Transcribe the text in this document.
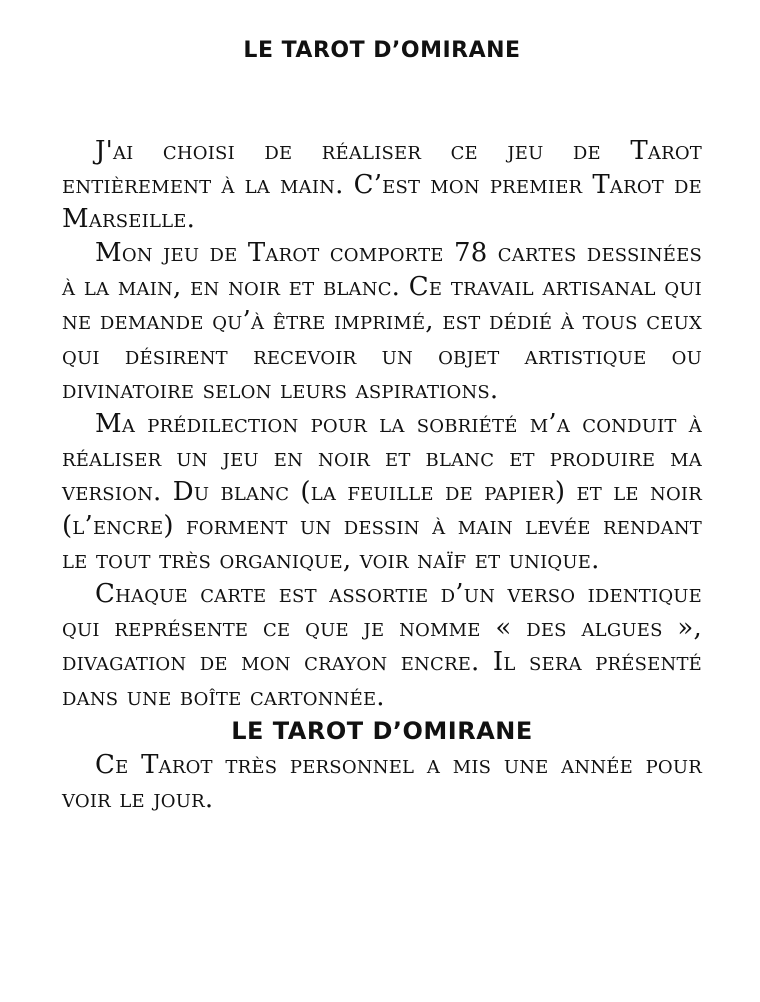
LE TAROT D’OMIRANE

J'ai choisi de réaliser ce jeu de Tarot entièrement à la main. C’est mon premier Tarot de Marseille.

Mon jeu de Tarot comporte 78 cartes dessinées à la main, en noir et blanc. Ce travail artisanal qui ne demande qu’à être imprimé, est dédié à tous ceux qui désirent recevoir un objet artistique ou divinatoire selon leurs aspirations.

Ma prédilection pour la sobriété m’a conduit à réaliser un jeu en noir et blanc et produire ma version. Du blanc (la feuille de papier) et le noir (l’encre) forment un dessin à main levée rendant le tout très organique, voir naïf et unique.

Chaque carte est assortie d’un verso identique qui représente ce que je nomme « des algues », divagation de mon crayon encre. Il sera présenté dans une boîte cartonnée.

LE TAROT D’OMIRANE

Ce Tarot très personnel a mis une année pour voir le jour.
